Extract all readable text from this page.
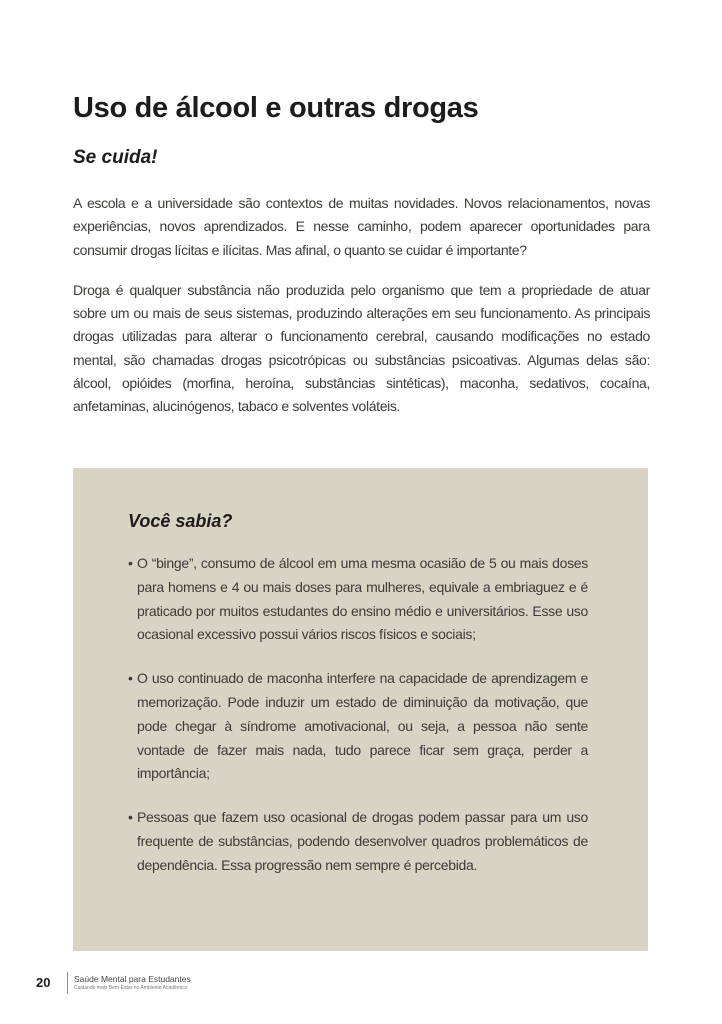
Uso de álcool e outras drogas
Se cuida!

A escola e a universidade são contextos de muitas novidades. Novos relacionamentos, novas experiências, novos aprendizados. E nesse caminho, podem aparecer oportunidades para consumir drogas lícitas e ilícitas. Mas afinal, o quanto se cuidar é importante?

Droga é qualquer substância não produzida pelo organismo que tem a propriedade de atuar sobre um ou mais de seus sistemas, produzindo alterações em seu funcionamento. As principais drogas utilizadas para alterar o funcionamento cerebral, causando modificações no estado mental, são chamadas drogas psicotrópicas ou substâncias psicoativas. Algumas delas são: álcool, opióides (morfina, heroína, substâncias sintéticas), maconha, sedativos, cocaína, anfetaminas, alucinógenos, tabaco e solventes voláteis.

Você sabia?
• O “binge”, consumo de álcool em uma mesma ocasião de 5 ou mais doses para homens e 4 ou mais doses para mulheres, equivale a embriaguez e é praticado por muitos estudantes do ensino médio e universitários. Esse uso ocasional excessivo possui vários riscos físicos e sociais;
• O uso continuado de maconha interfere na capacidade de aprendizagem e memorização. Pode induzir um estado de diminuição da motivação, que pode chegar à síndrome amotivacional, ou seja, a pessoa não sente vontade de fazer mais nada, tudo parece ficar sem graça, perder a importância;
• Pessoas que fazem uso ocasional de drogas podem passar para um uso frequente de substâncias, podendo desenvolver quadros problemáticos de dependência. Essa progressão nem sempre é percebida.
20	Saúde Mental para Estudantes
Cuidando mais Bem-Estar no Ambiente Acadêmico
